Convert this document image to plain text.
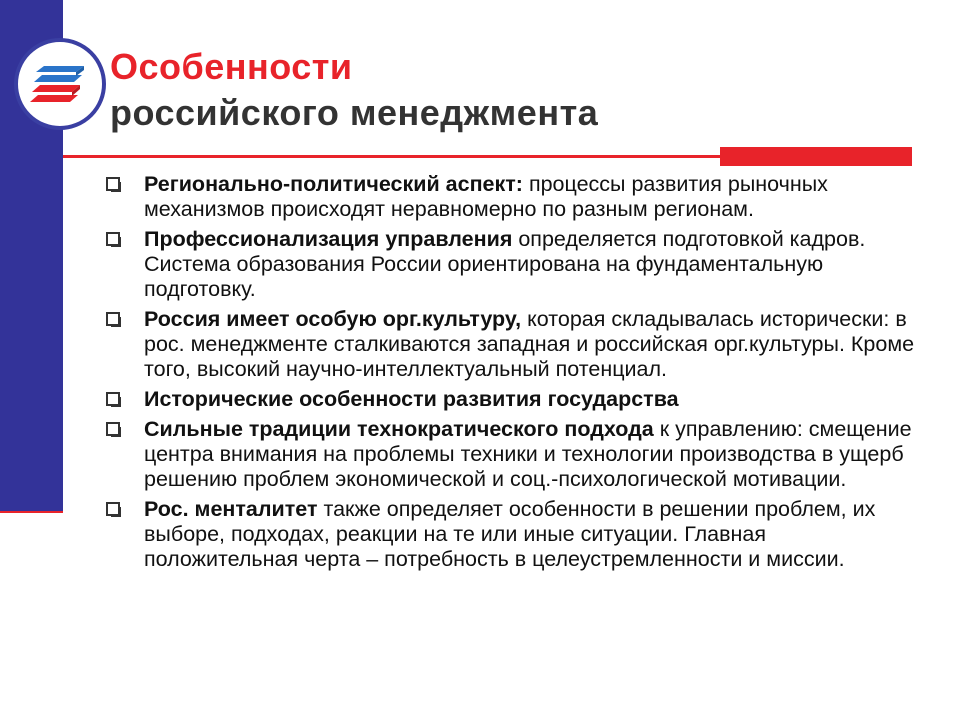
Особенности
российского менеджмента
Регионально-политический аспект: процессы развития рыночных механизмов происходят неравномерно по разным регионам.
Профессионализация управления определяется подготовкой кадров. Система образования России ориентирована на фундаментальную подготовку.
Россия имеет особую орг.культуру, которая складывалась исторически: в рос. менеджменте сталкиваются западная и российская орг.культуры. Кроме того, высокий научно-интеллектуальный потенциал.
Исторические особенности развития государства
Сильные традиции технократического подхода к управлению: смещение центра внимания на проблемы техники и технологии производства в ущерб решению проблем экономической и соц.-психологической мотивации.
Рос. менталитет также определяет особенности в решении проблем, их выборе, подходах, реакции на те или иные ситуации. Главная положительная черта – потребность в целеустремленности и миссии.
